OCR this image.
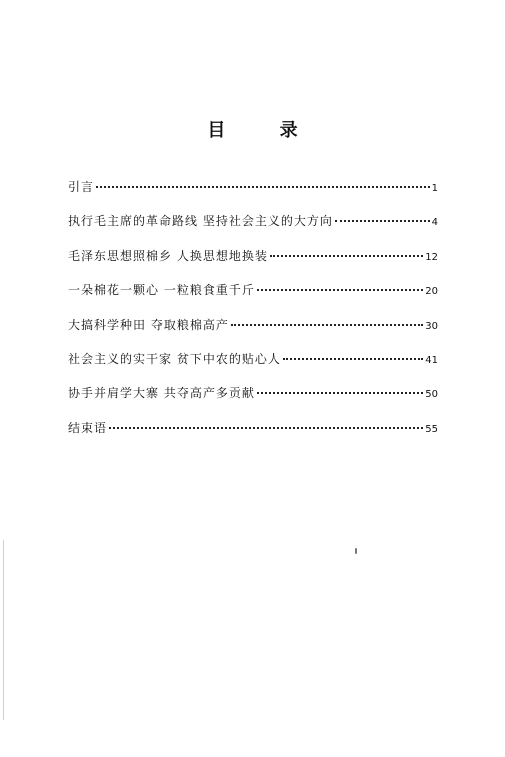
目 录
引言	1
执行毛主席的革命路线 坚持社会主义的大方向	4
毛泽东思想照棉乡 人换思想地换装	12
一朵棉花一颗心 一粒粮食重千斤	20
大搞科学种田 夺取粮棉高产	30
社会主义的实干家 贫下中农的贴心人	41
协手并肩学大寨 共夺高产多贡献	50
结束语	55
